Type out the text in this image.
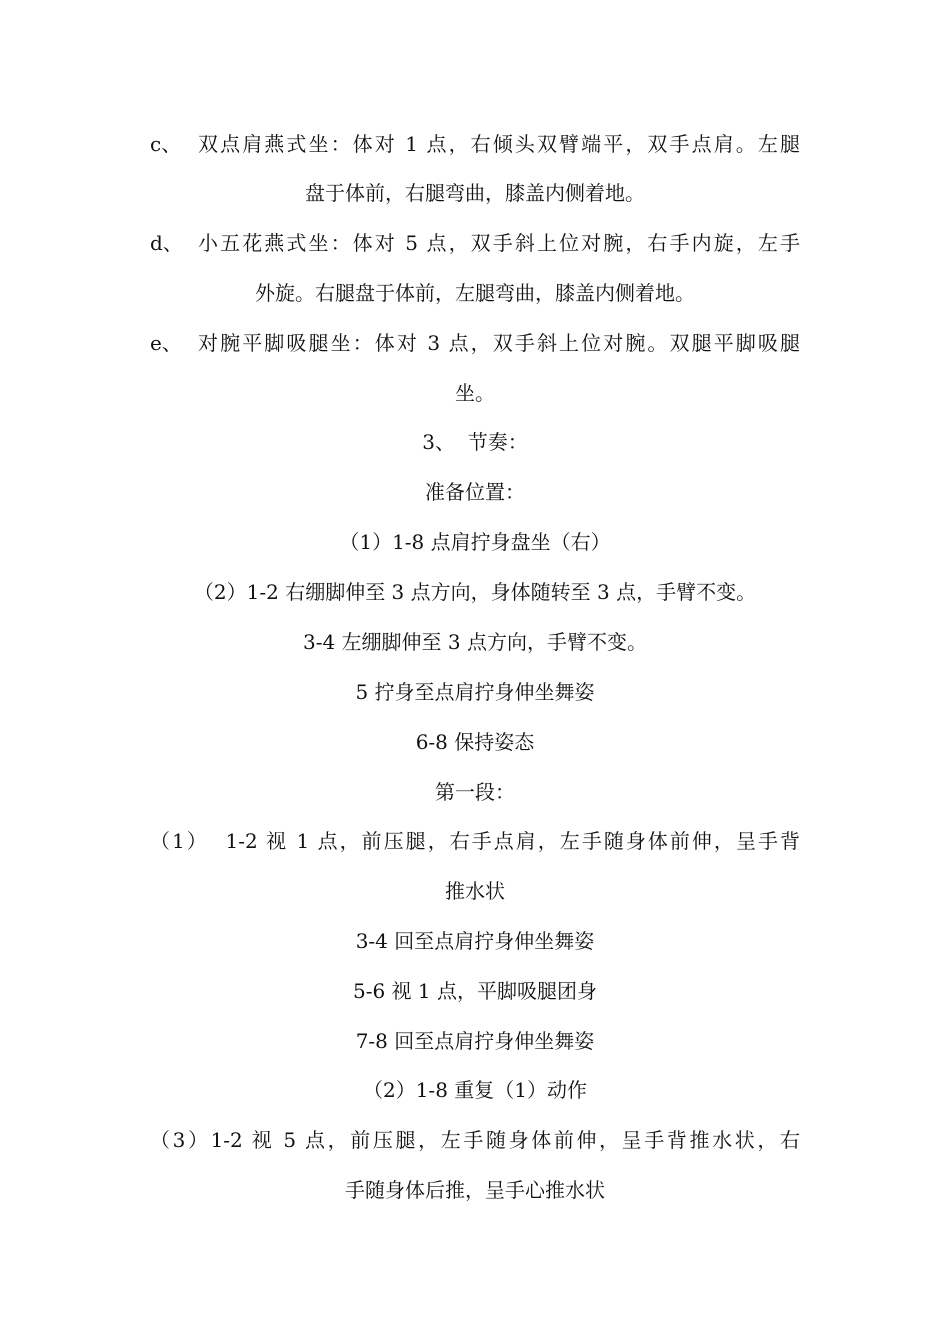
c、 双点肩燕式坐：体对 1 点，右倾头双臂端平，双手点肩。左腿
盘于体前，右腿弯曲，膝盖内侧着地。
d、 小五花燕式坐：体对 5 点，双手斜上位对腕，右手内旋，左手
外旋。右腿盘于体前，左腿弯曲，膝盖内侧着地。
e、 对腕平脚吸腿坐：体对 3 点，双手斜上位对腕。双腿平脚吸腿
坐。
3、  节奏：
准备位置：
（1）1-8 点肩拧身盘坐（右）
（2）1-2 右绷脚伸至 3 点方向，身体随转至 3 点，手臂不变。
3-4 左绷脚伸至 3 点方向，手臂不变。
5 拧身至点肩拧身伸坐舞姿
6-8 保持姿态
第一段：
（1）  1-2 视 1 点，前压腿，右手点肩，左手随身体前伸，呈手背
推水状
3-4 回至点肩拧身伸坐舞姿
5-6 视 1 点，平脚吸腿团身
7-8 回至点肩拧身伸坐舞姿
（2）1-8 重复（1）动作
（3）1-2 视 5 点，前压腿，左手随身体前伸，呈手背推水状，右
手随身体后推，呈手心推水状
